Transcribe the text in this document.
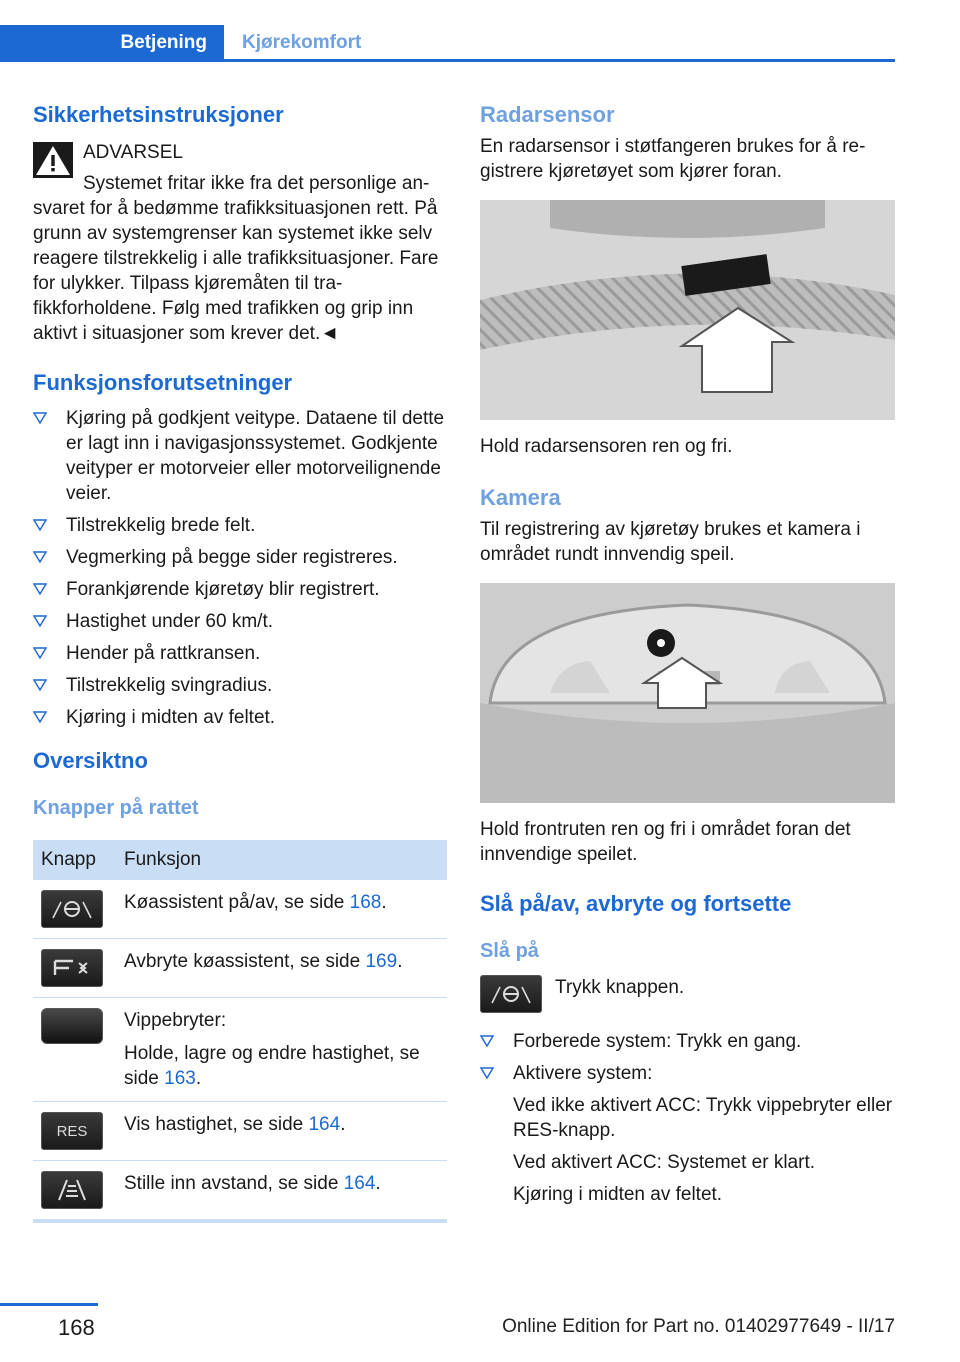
Betjening	Kjørekomfort
Sikkerhetsinstruksjoner

ADVARSEL

Systemet fritar ikke fra det personlige an-

svaret for å bedømme trafikksituasjonen rett. På grunn av systemgrenser kan systemet ikke selv reagere tilstrekkelig i alle trafikksituasjoner. Fare for ulykker. Tilpass kjøremåten til trafikkforholdene. Følg med trafikken og grip inn aktivt i situasjoner som krever det.◄

Funksjonsforutsetninger
Kjøring på godkjent veitype. Dataene til dette er lagt inn i navigasjonssystemet. Godkjente veityper er motorveier eller motorveilignende veier.
Tilstrekkelig brede felt.
Vegmerking på begge sider registreres.
Forankjørende kjøretøy blir registrert.
Hastighet under 60 km/t.
Hender på rattkransen.
Tilstrekkelig svingradius.
Kjøring i midten av feltet.
Oversiktno
Knapper på rattet
Knapp	Funksjon

	Køassistent på/av, se side 168.

	Avbryte køassistent, se side 169.

	Vippebryter:

Holde, lagre og endre hastighet, se side 163.

RES	Vis hastighet, se side 164.

	Stille inn avstand, se side 164.
Radarsensor

En radarsensor i støtfangeren brukes for å registrere kjøretøyet som kjører foran.

Hold radarsensoren ren og fri.

Kamera

Til registrering av kjøretøy brukes et kamera i området rundt innvendig speil.

Hold frontruten ren og fri i området foran det innvendige speilet.

Slå på/av, avbryte og fortsette
Slå på

Trykk knappen.

Forberede system: Trykk en gang.
Aktivere system:

Ved ikke aktivert ACC: Trykk vippebryter eller RES-knapp.

Ved aktivert ACC: Systemet er klart.

Kjøring i midten av feltet.

168	Online Edition for Part no. 01402977649 - II/17
